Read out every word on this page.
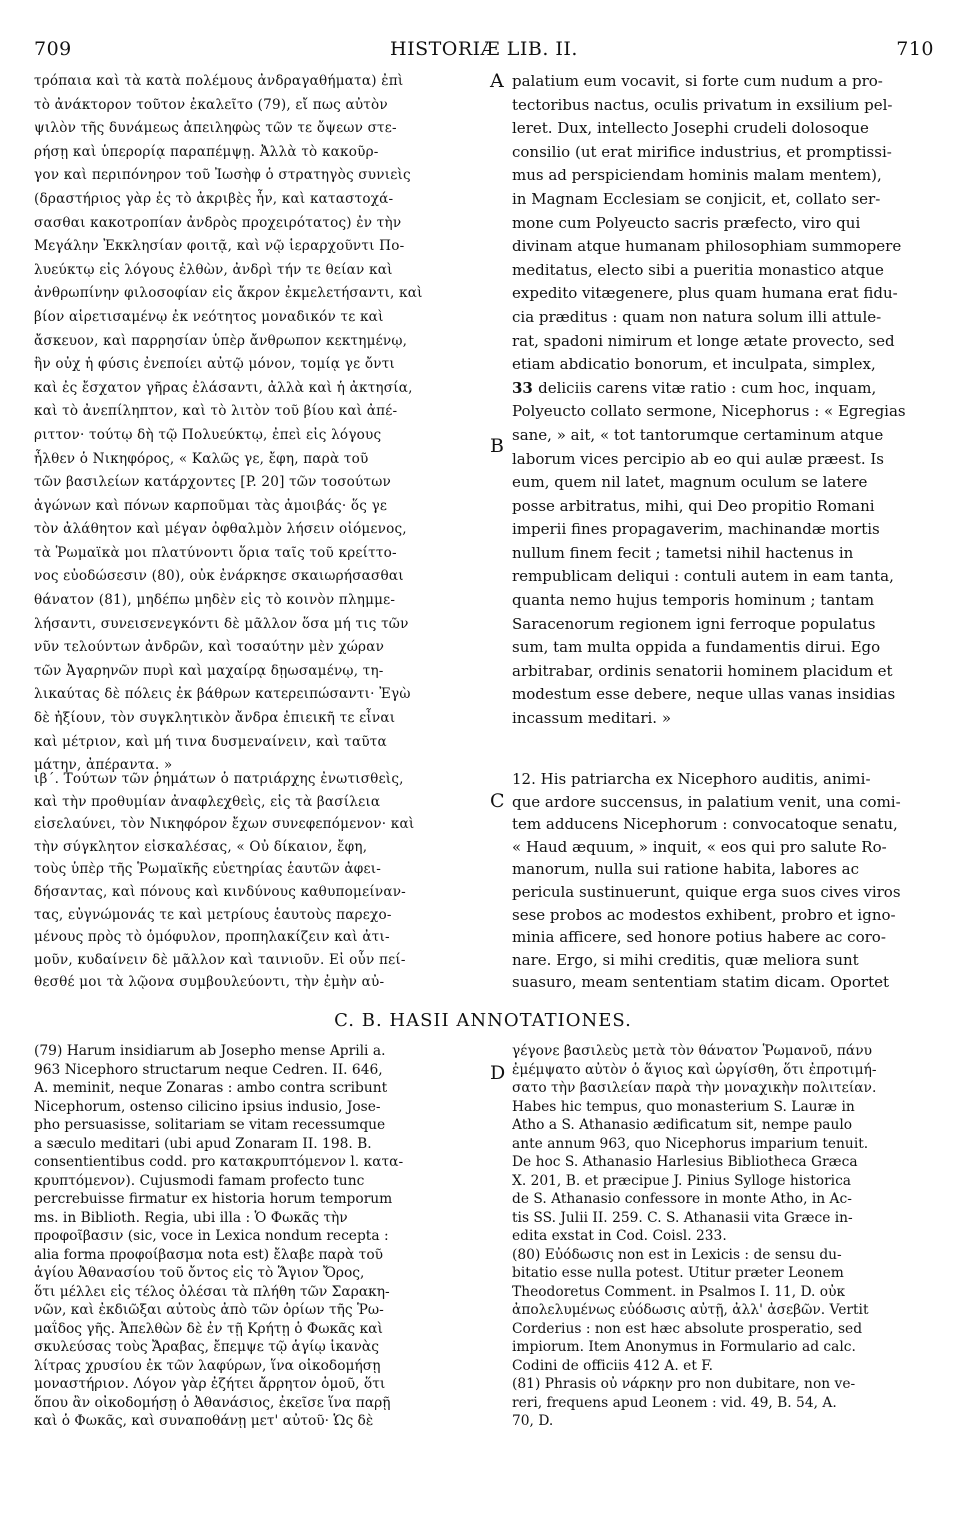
709	HISTORIÆ LIB. II.	710
A
B
C
D
τρόπαια καὶ τὰ κατὰ πολέμους ἀνδραγαθήματα) ἐπὶ
τὸ ἀνάκτορον τοῦτον ἐκαλεῖτο (79), εἴ πως αὐτὸν
ψιλὸν τῆς δυνάμεως ἀπειληφὼς τῶν τε ὄψεων στε-
ρήσῃ καὶ ὑπερορίᾳ παραπέμψῃ. Ἀλλὰ τὸ κακοῦρ-
γον καὶ περιπόνηρον τοῦ Ἰωσὴφ ὁ στρατηγὸς συνιεὶς
(δραστήριος γὰρ ἐς τὸ ἀκριβὲς ἦν, καὶ καταστοχά-
σασθαι κακοτροπίαν ἀνδρὸς προχειρότατος) ἐν τὴν
Μεγάλην Ἐκκλησίαν φοιτᾷ, καὶ νῷ ἱεραρχοῦντι Πο-
λυεύκτῳ εἰς λόγους ἐλθὼν, ἀνδρὶ τήν τε θείαν καὶ
ἀνθρωπίνην φιλοσοφίαν εἰς ἄκρον ἐκμελετήσαντι, καὶ
βίον αἱρετισαμένῳ ἐκ νεότητος μοναδικόν τε καὶ
ἄσκευον, καὶ παρρησίαν ὑπὲρ ἄνθρωπον κεκτημένῳ,
ἣν οὐχ ἡ φύσις ἐνεποίει αὐτῷ μόνον, τομίᾳ γε ὄντι
καὶ ἐς ἔσχατον γῆρας ἐλάσαντι, ἀλλὰ καὶ ἡ ἀκτησία,
καὶ τὸ ἀνεπίληπτον, καὶ τὸ λιτὸν τοῦ βίου καὶ ἀπέ-
ριττον· τούτῳ δὴ τῷ Πολυεύκτῳ, ἐπεὶ εἰς λόγους
ἦλθεν ὁ Νικηφόρος, « Καλῶς γε, ἔφη, παρὰ τοῦ
τῶν βασιλείων κατάρχοντες [P. 20] τῶν τοσούτων
ἀγώνων καὶ πόνων καρποῦμαι τὰς ἀμοιβάς· ὅς γε
τὸν ἀλάθητον καὶ μέγαν ὀφθαλμὸν λήσειν οἰόμενος,
τὰ Ῥωμαϊκὰ μοι πλατύνοντι ὅρια ταῖς τοῦ κρείττο-
νος εὐοδώσεσιν (80), οὐκ ἐνάρκησε σκαιωρήσασθαι
θάνατον (81), μηδέπω μηδὲν εἰς τὸ κοινὸν πλημμε-
λήσαντι, συνεισενεγκόντι δὲ μᾶλλον ὅσα μή τις τῶν
νῦν τελούντων ἀνδρῶν, καὶ τοσαύτην μὲν χώραν
τῶν Ἀγαρηνῶν πυρὶ καὶ μαχαίρᾳ δῃωσαμένῳ, τη-
λικαύτας δὲ πόλεις ἐκ βάθρων κατερειπώσαντι· Ἐγὼ
δὲ ἠξίουν, τὸν συγκλητικὸν ἄνδρα ἐπιεικῆ τε εἶναι
καὶ μέτριον, καὶ μή τινα δυσμεναίνειν, καὶ ταῦτα
μάτην, ἀπέραντα. »
palatium eum vocavit, si forte cum nudum a pro-
tectoribus nactus, oculis privatum in exsilium pel-
leret. Dux, intellecto Josephi crudeli dolosoque
consilio (ut erat mirifice industrius, et promptissi-
mus ad perspiciendam hominis malam mentem),
in Magnam Ecclesiam se conjicit, et, collato ser-
mone cum Polyeucto sacris præfecto, viro qui
divinam atque humanam philosophiam summopere
meditatus, electo sibi a pueritia monastico atque
expedito vitægenere, plus quam humana erat fidu-
cia præditus : quam non natura solum illi attule-
rat, spadoni nimirum et longe ætate provecto, sed
etiam abdicatio bonorum, et inculpata, simplex,
33 deliciis carens vitæ ratio : cum hoc, inquam,
Polyeucto collato sermone, Nicephorus : « Egregias
sane, » ait, « tot tantorumque certaminum atque
laborum vices percipio ab eo qui aulæ præest. Is
eum, quem nil latet, magnum oculum se latere
posse arbitratus, mihi, qui Deo propitio Romani
imperii fines propagaverim, machinandæ mortis
nullum finem fecit ; tametsi nihil hactenus in
rempublicam deliqui : contuli autem in eam tanta,
quanta nemo hujus temporis hominum ; tantam
Saracenorum regionem igni ferroque populatus
sum, tam multa oppida a fundamentis dirui. Ego
arbitrabar, ordinis senatorii hominem placidum et
modestum esse debere, neque ullas vanas insidias
incassum meditari. »
ιβ΄. Τούτων τῶν ῥημάτων ὁ πατριάρχης ἐνωτισθεὶς,
καὶ τὴν προθυμίαν ἀναφλεχθεὶς, εἰς τὰ βασίλεια
εἰσελαύνει, τὸν Νικηφόρον ἔχων συνεφεπόμενον· καὶ
τὴν σύγκλητον εἰσκαλέσας, « Οὐ δίκαιον, ἔφη,
τοὺς ὑπὲρ τῆς Ῥωμαϊκῆς εὐετηρίας ἑαυτῶν ἀφει-
δήσαντας, καὶ πόνους καὶ κινδύνους καθυπομείναν-
τας, εὐγνώμονάς τε καὶ μετρίους ἑαυτοὺς παρεχο-
μένους πρὸς τὸ ὁμόφυλον, προπηλακίζειν καὶ ἀτι-
μοῦν, κυδαίνειν δὲ μᾶλλον καὶ ταινιοῦν. Εἰ οὖν πεί-
θεσθέ μοι τὰ λῷονα συμβουλεύοντι, τὴν ἐμὴν αὐ-
12. His patriarcha ex Nicephoro auditis, animi-
que ardore succensus, in palatium venit, una comi-
tem adducens Nicephorum : convocatoque senatu,
« Haud æquum, » inquit, « eos qui pro salute Ro-
manorum, nulla sui ratione habita, labores ac
pericula sustinuerunt, quique erga suos cives viros
sese probos ac modestos exhibent, probro et igno-
minia afficere, sed honore potius habere ac coro-
nare. Ergo, si mihi creditis, quæ meliora sunt
suasuro, meam sententiam statim dicam. Oportet
C. B. HASII ANNOTATIONES.
(79) Harum insidiarum ab Josepho mense Aprili a.
963 Nicephoro structarum neque Cedren. II. 646,
A. meminit, neque Zonaras : ambo contra scribunt
Nicephorum, ostenso cilicino ipsius indusio, Jose-
pho persuasisse, solitariam se vitam recessumque
a sæculo meditari (ubi apud Zonaram II. 198. B.
consentientibus codd. pro κατακρυπτόμενον l. κατα-
κρυπτόμενον). Cujusmodi famam profecto tunc
percrebuisse firmatur ex historia horum temporum
ms. in Biblioth. Regia, ubi illa : Ὁ Φωκᾶς τὴν
προφοῖβασιν (sic, voce in Lexica nondum recepta :
alia forma προφοίβασμα nota est) ἔλαβε παρὰ τοῦ
ἁγίου Ἀθανασίου τοῦ ὄντος εἰς τὸ Ἅγιον Ὄρος,
ὅτι μέλλει εἰς τέλος ὀλέσαι τὰ πλήθη τῶν Σαρακη-
νῶν, καὶ ἐκδιῶξαι αὐτοὺς ἀπὸ τῶν ὁρίων τῆς Ῥω-
μαΐδος γῆς. Ἀπελθὼν δὲ ἐν τῇ Κρήτῃ ὁ Φωκᾶς καὶ
σκυλεύσας τοὺς Ἄραβας, ἔπεμψε τῷ ἁγίῳ ἱκανὰς
λίτρας χρυσίου ἐκ τῶν λαφύρων, ἵνα οἰκοδομήσῃ
μοναστήριον. Λόγον γὰρ ἐζήτει ἄρρητον ὁμοῦ, ὅτι
ὅπου ἂν οἰκοδομήσῃ ὁ Ἀθανάσιος, ἐκεῖσε ἵνα παρῇ
καὶ ὁ Φωκᾶς, καὶ συναποθάνῃ μετ' αὐτοῦ· Ὡς δὲ
γέγονε βασιλεὺς μετὰ τὸν θάνατον Ῥωμανοῦ, πάνυ
ἐμέμψατο αὐτὸν ὁ ἅγιος καὶ ὠργίσθη, ὅτι ἐπροτιμή-
σατο τὴν βασιλείαν παρὰ τὴν μοναχικὴν πολιτείαν.
Habes hic tempus, quo monasterium S. Lauræ in
Atho a S. Athanasio ædificatum sit, nempe paulo
ante annum 963, quo Nicephorus imparium tenuit.
De hoc S. Athanasio Harlesius Bibliotheca Græca
X. 201, B. et præcipue J. Pinius Sylloge historica
de S. Athanasio confessore in monte Atho, in Ac-
tis SS. Julii II. 259. C. S. Athanasii vita Græce in-
edita exstat in Cod. Coisl. 233.
(80) Εὐόδωσις non est in Lexicis : de sensu du-
bitatio esse nulla potest. Utitur præter Leonem
Theodoretus Comment. in Psalmos I. 11, D. οὐκ
ἀπολελυμένως εὐόδωσις αὐτῇ, ἀλλ' ἀσεβῶν. Vertit
Corderius : non est hæc absolute prosperatio, sed
impiorum. Item Anonymus in Formulario ad calc.
Codini de officiis 412 A. et F.
(81) Phrasis οὐ νάρκην pro non dubitare, non ve-
reri, frequens apud Leonem : vid. 49, B. 54, A.
70, D.
